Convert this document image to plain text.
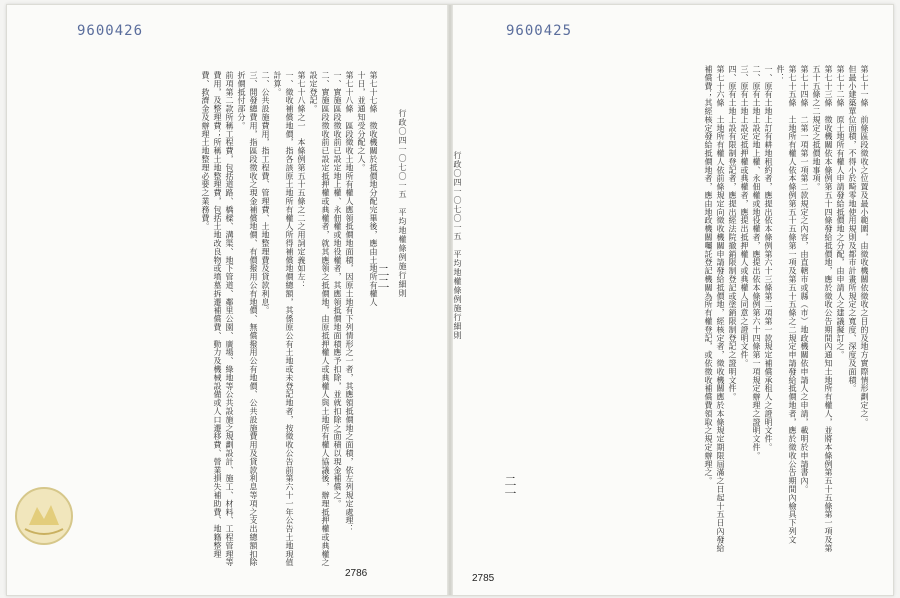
9600426
行政〇四一〇七〇一五　平均地權條例施行細則

第七十七條　徵收機關於抵價地分配完畢後，應由土地所有權人

十日，並通知受分配之人。

第七十八條　區段徵收土地所有權人應領抵價地面積，因原土地有下列情形之一者，其應領抵價地之面積，依左列規定處理：

一、實施區段徵收前已設定地上權、永佃權或地役權者，其應領抵價地面積應予扣除，並就扣除之面積以現金補償之。

二、實施區段徵收前已設定抵押權或典權者，就其應領之抵價地，由原抵押權人或典權人與土地所有權人協議後，辦理抵押權或典權之設定登記。

第七十八條之一　本條例第五十五條之二之用詞定義如左：

一、徵收補償地價，指各該原土地所有權人所得補償地價總額，其係原公有土地或未登記地者，按徵收公告前第六十一年公告土地現值計算。

二、公共設施費用，指工程費、管理費、土地整理費及貸款利息。

三、開發總費用，指區段徵收之現金補償地價、有價撥用公有地價、無償撥用公有地價、公共設施費用及貸款利息等項之支出總額扣除折價抵付部分。

前項第二款所稱工程費，包括道路、橋樑、溝渠、地下管道、鄰里公園、廣場、綠地等公共設施之規劃設計、施工、材料、工程管理等費用，及整理費；所稱土地整理費，包括土地改良物或墳墓拆遷補償費、動力及機械設備或人口遷移費、營業損失補助費、地籍整理費、救濟金及辦理土地整理必要之業務費。

二二
2786
9600425
行政〇四一〇七〇一五　平均地權條例施行細則	第七十一條　前條區段徵收之位置及最小範圍，由徵收機關依徵收之目的及地方實際情形劃定之。

但最小建築單位面積，不得小於畸零地使用規則及都市計畫所規定之寬度、深度及面積。

第七十二條　原土地所有權人申請發給抵價地之分配，由申請人之建議擬訂之。

第七十三條　徵收機關依本條例第五十四條發給抵價地，應於徵收公告期間內通知土地所有權人，並將本條例第五十五條第一項及第五十五條之二規定之抵價地事項。

第七十四條　二第一項第一項第二款規定之內容，由直轄市或縣（市）地政機關依申請人之申請，載明於申請書內。

第七十五條　土地所有權人依本條例第五十五條第一項及第五十五條之二規定申請發給抵價地者，應於徵收公告期間內檢具下列文件：

一、原有土地上訂有耕地租約者，應提出依本條例第六十三條第二項第一款規定補償承租人之證明文件。

二、原有土地上設定地上權、永佃權或地役權者，應提出依本條例第六十四條第一項規定辦理之證明文件。

三、原有土地上設定抵押權或典權者，應提出抵押權人或典權人同意之證明文件。

四、原有土地上設有限制登記者，應提出經法院撤銷限制登記或塗銷限制登記之證明文件。

第七十六條　土地所有權人依前條規定向徵收機關申請發給抵價地，經核定者，徵收機關應於本條規定期限屆滿之日起十五日內發給補償費；其經核定發給抵價地者，應由地政機關囑託登記機關為所有權登記，或依徵收補償費領取之規定辦理之。

二一
2785
